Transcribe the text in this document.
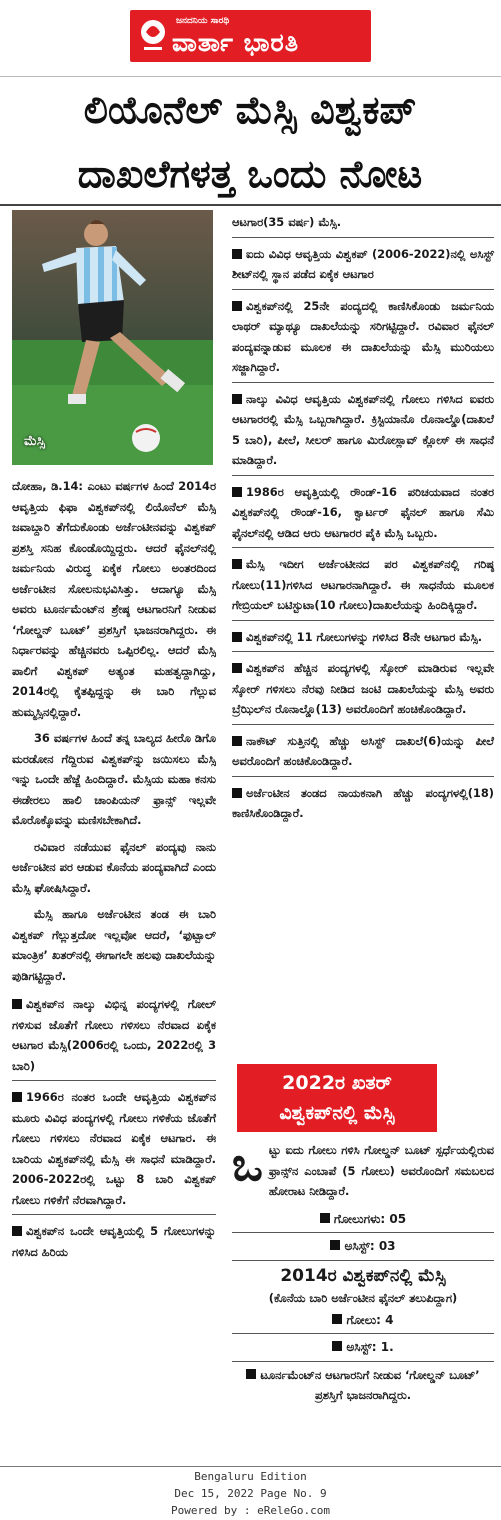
ಜನದನಿಯ ಸಾರಥಿ
ವಾರ್ತಾ ಭಾರತಿ
ಲಿಯೊನೆಲ್ ಮೆಸ್ಸಿ ವಿಶ್ವಕಪ್
ದಾಖಲೆಗಳತ್ತ ಒಂದು ನೋಟ
ಮೆಸ್ಸಿ

ದೋಹಾ, ಡಿ.14: ಎಂಟು ವರ್ಷಗಳ ಹಿಂದೆ 2014ರ ಆವೃತ್ತಿಯ ಫಿಫಾ ವಿಶ್ವಕಪ್‌ನಲ್ಲಿ ಲಿಯೊನೆಲ್ ಮೆಸ್ಸಿ ಜವಾಬ್ದಾರಿ ತೆಗೆದುಕೊಂಡು ಅರ್ಜೆಂಟೀನವನ್ನು ವಿಶ್ವಕಪ್ ಪ್ರಶಸ್ತಿ ಸನಿಹ ಕೊಂಡೊಯ್ದಿದ್ದರು. ಆದರೆ ಫೈನಲ್‌ನಲ್ಲಿ ಜರ್ಮನಿಯ ವಿರುದ್ಧ ಏಕೈಕ ಗೋಲು ಅಂತರದಿಂದ ಅರ್ಜೆಂಟೀನ ಸೋಲನುಭವಿಸಿತ್ತು. ಆದಾಗ್ಯೂ ಮೆಸ್ಸಿ ಅವರು ಟೂರ್ನಮೆಂಟ್‌ನ ಶ್ರೇಷ್ಠ ಆಟಗಾರನಿಗೆ ನೀಡುವ ‘ಗೋಲ್ಡನ್ ಬೂಟ್’ ಪ್ರಶಸ್ತಿಗೆ ಭಾಜನರಾಗಿದ್ದರು. ಈ ನಿರ್ಧಾರವನ್ನು ಹೆಚ್ಚಿನವರು ಒಪ್ಪಿರಲಿಲ್ಲ. ಆದರೆ ಮೆಸ್ಸಿ ಪಾಲಿಗೆ ವಿಶ್ವಕಪ್ ಅತ್ಯಂತ ಮಹತ್ವದ್ದಾಗಿದ್ದು, 2014ರಲ್ಲಿ ಕೈತಪ್ಪಿದ್ದನ್ನು ಈ ಬಾರಿ ಗೆಲ್ಲುವ ಹುಮ್ಮಸ್ಸಿನಲ್ಲಿದ್ದಾರೆ.

36 ವರ್ಷಗಳ ಹಿಂದೆ ತನ್ನ ಬಾಲ್ಯದ ಹೀರೊ ಡಿಗೊ ಮರಡೋನ ಗೆದ್ದಿರುವ ವಿಶ್ವಕಪ್‌ನ್ನು ಜಯಿಸಲು ಮೆಸ್ಸಿ ಇನ್ನು ಒಂದೇ ಹೆಜ್ಜೆ ಹಿಂದಿದ್ದಾರೆ. ಮೆಸ್ಸಿಯ ಮಹಾ ಕನಸು ಈಡೇರಲು ಹಾಲಿ ಚಾಂಪಿಯನ್ ಫ್ರಾನ್ಸ್ ಇಲ್ಲವೇ ಮೊರೊಕ್ಕೊವನ್ನು ಮಣಿಸಬೇಕಾಗಿದೆ.

ರವಿವಾರ ನಡೆಯುವ ಫೈನಲ್ ಪಂದ್ಯವು ನಾನು ಅರ್ಜೆಂಟೀನ ಪರ ಆಡುವ ಕೊನೆಯ ಪಂದ್ಯವಾಗಿದೆ ಎಂದು ಮೆಸ್ಸಿ ಘೋಷಿಸಿದ್ದಾರೆ.

ಮೆಸ್ಸಿ ಹಾಗೂ ಅರ್ಜೆಂಟೀನ ತಂಡ ಈ ಬಾರಿ ವಿಶ್ವಕಪ್ ಗೆಲ್ಲುತ್ತದೋ ಇಲ್ಲವೋ ಆದರೆ, ‘ಫುಟ್ಬಾಲ್ ಮಾಂತ್ರಿಕ’ ಖತರ್‌ನಲ್ಲಿ ಈಗಾಗಲೇ ಹಲವು ದಾಖಲೆಯನ್ನು ಪುಡಿಗಟ್ಟಿದ್ದಾರೆ.

ವಿಶ್ವಕಪ್‌ನ ನಾಲ್ಕು ವಿಭಿನ್ನ ಪಂದ್ಯಗಳಲ್ಲಿ ಗೋಲ್ ಗಳಿಸುವ ಜೊತೆಗೆ ಗೋಲು ಗಳಿಸಲು ನೆರವಾದ ಏಕೈಕ ಆಟಗಾರ ಮೆಸ್ಸಿ(2006ರಲ್ಲಿ ಒಂದು, 2022ರಲ್ಲಿ 3 ಬಾರಿ)
1966ರ ನಂತರ ಒಂದೇ ಆವೃತ್ತಿಯ ವಿಶ್ವಕಪ್‌ನ ಮೂರು ವಿವಿಧ ಪಂದ್ಯಗಳಲ್ಲಿ ಗೋಲು ಗಳಿಕೆಯ ಜೊತೆಗೆ ಗೋಲು ಗಳಿಸಲು ನೆರವಾದ ಏಕೈಕ ಆಟಗಾರ. ಈ ಬಾರಿಯ ವಿಶ್ವಕಪ್‌ನಲ್ಲಿ ಮೆಸ್ಸಿ ಈ ಸಾಧನೆ ಮಾಡಿದ್ದಾರೆ. 2006-2022ರಲ್ಲಿ ಒಟ್ಟು 8 ಬಾರಿ ವಿಶ್ವಕಪ್ ಗೋಲು ಗಳಿಕೆಗೆ ನೆರವಾಗಿದ್ದಾರೆ.
ವಿಶ್ವಕಪ್‌ನ ಒಂದೇ ಆವೃತ್ತಿಯಲ್ಲಿ 5 ಗೋಲುಗಳನ್ನು ಗಳಿಸಿದ ಹಿರಿಯ
ಆಟಗಾರ(35 ವರ್ಷ) ಮೆಸ್ಸಿ.
ಐದು ವಿವಿಧ ಆವೃತ್ತಿಯ ವಿಶ್ವಕಪ್ (2006-2022)ನಲ್ಲಿ ಅಸಿಸ್ಟ್ ಶೀಟ್‌ನಲ್ಲಿ ಸ್ಥಾನ ಪಡೆದ ಏಕೈಕ ಆಟಗಾರ
ವಿಶ್ವಕಪ್‌ನಲ್ಲಿ 25ನೇ ಪಂದ್ಯದಲ್ಲಿ ಕಾಣಿಸಿಕೊಂಡು ಜರ್ಮನಿಯ ಲಾಥರ್ ಮ್ಯಾಥ್ಯೂ ದಾಖಲೆಯನ್ನು ಸರಿಗಟ್ಟಿದ್ದಾರೆ. ರವಿವಾರ ಫೈನಲ್ ಪಂದ್ಯವನ್ನಾಡುವ ಮೂಲಕ ಈ ದಾಖಲೆಯನ್ನು ಮೆಸ್ಸಿ ಮುರಿಯಲು ಸಜ್ಜಾಗಿದ್ದಾರೆ.
ನಾಲ್ಕು ವಿವಿಧ ಆವೃತ್ತಿಯ ವಿಶ್ವಕಪ್‌ನಲ್ಲಿ ಗೋಲು ಗಳಿಸಿದ ಐವರು ಆಟಗಾರರಲ್ಲಿ ಮೆಸ್ಸಿ ಒಬ್ಬರಾಗಿದ್ದಾರೆ. ಕ್ರಿಸ್ಟಿಯಾನೊ ರೊನಾಲ್ಡೊ(ದಾಖಲೆ 5 ಬಾರಿ), ಪೀಲೆ, ಸೀಲರ್ ಹಾಗೂ ಮಿರೋಸ್ಲಾವ್ ಕ್ಲೋಸ್ ಈ ಸಾಧನೆ ಮಾಡಿದ್ದಾರೆ.
1986ರ ಆವೃತ್ತಿಯಲ್ಲಿ ರೌಂಡ್-16 ಪರಿಚಯವಾದ ನಂತರ ವಿಶ್ವಕಪ್‌ನಲ್ಲಿ ರೌಂಡ್-16, ಕ್ವಾರ್ಟರ್ ಫೈನಲ್ ಹಾಗೂ ಸೆಮಿ ಫೈನಲ್‌ನಲ್ಲಿ ಆಡಿದ ಆರು ಆಟಗಾರರ ಪೈಕಿ ಮೆಸ್ಸಿ ಒಬ್ಬರು.
ಮೆಸ್ಸಿ ಇದೀಗ ಅರ್ಜೆಂಟೀನದ ಪರ ವಿಶ್ವಕಪ್‌ನಲ್ಲಿ ಗರಿಷ್ಠ ಗೋಲು(11)ಗಳಿಸಿದ ಆಟಗಾರನಾಗಿದ್ದಾರೆ. ಈ ಸಾಧನೆಯ ಮೂಲಕ ಗೇಬ್ರಿಯಲ್ ಬಟಿಸ್ಟುಟಾ(10 ಗೋಲು)ದಾಖಲೆಯನ್ನು ಹಿಂದಿಕ್ಕಿದ್ದಾರೆ.
ವಿಶ್ವಕಪ್‌ನಲ್ಲಿ 11 ಗೋಲುಗಳನ್ನು ಗಳಿಸಿದ 8ನೇ ಆಟಗಾರ ಮೆಸ್ಸಿ.
ವಿಶ್ವಕಪ್‌ನ ಹೆಚ್ಚಿನ ಪಂದ್ಯಗಳಲ್ಲಿ ಸ್ಕೋರ್ ಮಾಡಿರುವ ಇಲ್ಲವೇ ಸ್ಕೋರ್ ಗಳಿಸಲು ನೆರವು ನೀಡಿದ ಜಂಟಿ ದಾಖಲೆಯನ್ನು ಮೆಸ್ಸಿ ಅವರು ಬ್ರೆಝಿಲ್‌ನ ರೊನಾಲ್ಡೊ(13) ಅವರೊಂದಿಗೆ ಹಂಚಿಕೊಂಡಿದ್ದಾರೆ.
ನಾಕೌಟ್ ಸುತ್ತಿನಲ್ಲಿ ಹೆಚ್ಚು ಅಸಿಸ್ಟ್ ದಾಖಲೆ(6)ಯನ್ನು ಪೀಲೆ ಅವರೊಂದಿಗೆ ಹಂಚಿಕೊಂಡಿದ್ದಾರೆ.
ಅರ್ಜೆಂಟೀನ ತಂಡದ ನಾಯಕನಾಗಿ ಹೆಚ್ಚು ಪಂದ್ಯಗಳಲ್ಲಿ(18) ಕಾಣಿಸಿಕೊಂಡಿದ್ದಾರೆ.
2022ರ ಖತರ್
ವಿಶ್ವಕಪ್‌ನಲ್ಲಿ ಮೆಸ್ಸಿ
ಒಟ್ಟು ಐದು ಗೋಲು ಗಳಿಸಿ ಗೋಲ್ಡನ್ ಬೂಟ್ ಸ್ಪರ್ಧೆಯಲ್ಲಿರುವ ಫ್ರಾನ್ಸ್‌ನ ಎಂಬಾಪೆ (5 ಗೋಲು) ಅವರೊಂದಿಗೆ ಸಮಬಲದ ಹೋರಾಟ ನೀಡಿದ್ದಾರೆ.
ಗೋಲುಗಳು: 05
ಅಸಿಸ್ಟ್: 03
2014ರ ವಿಶ್ವಕಪ್‌ನಲ್ಲಿ ಮೆಸ್ಸಿ
(ಕೊನೆಯ ಬಾರಿ ಅರ್ಜೆಂಟೀನ ಫೈನಲ್ ತಲುಪಿದ್ದಾಗ)
ಗೋಲು: 4
ಅಸಿಸ್ಟ್: 1.
ಟೂರ್ನಮೆಂಟ್‌ನ ಆಟಗಾರನಿಗೆ ನೀಡುವ ‘ಗೋಲ್ಡನ್ ಬೂಟ್’ ಪ್ರಶಸ್ತಿಗೆ ಭಾಜನರಾಗಿದ್ದರು.
Bengaluru Edition
Dec 15, 2022 Page No. 9
Powered by : eReleGo.com
